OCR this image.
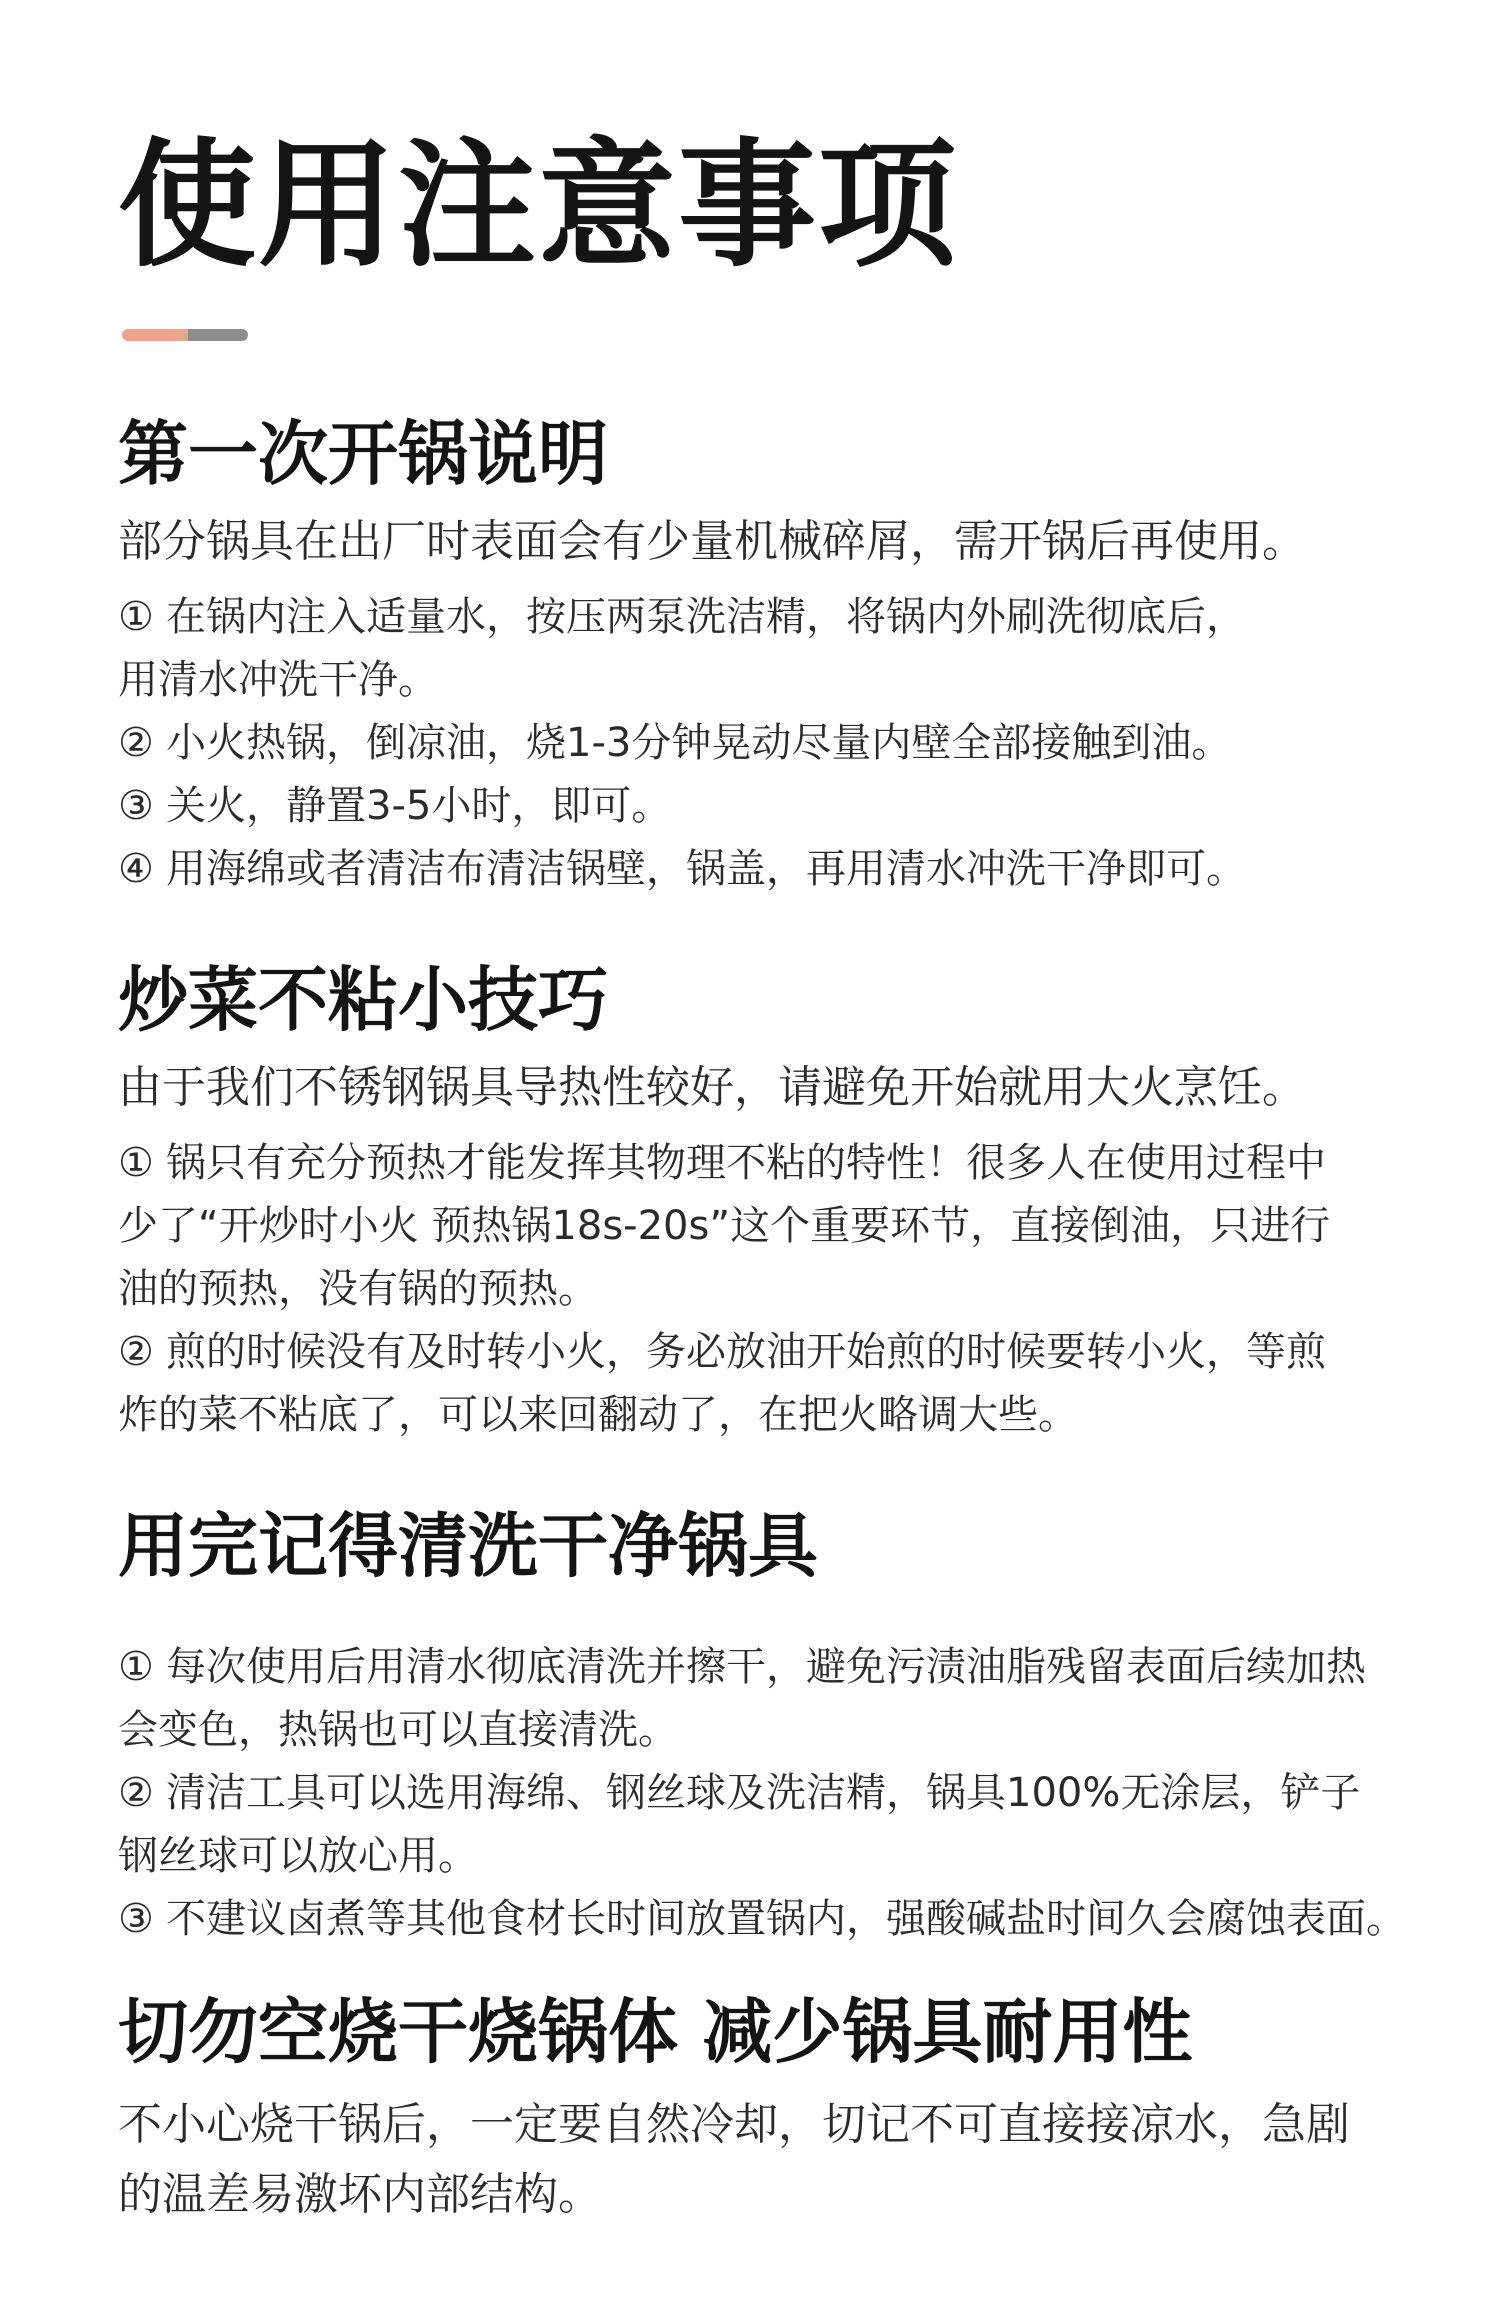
使用注意事项
第一次开锅说明

部分锅具在出厂时表面会有少量机械碎屑，需开锅后再使用。

① 在锅内注入适量水，按压两泵洗洁精，将锅内外刷洗彻底后，
用清水冲洗干净。
② 小火热锅，倒凉油，烧1-3分钟晃动尽量内壁全部接触到油。
③ 关火，静置3-5小时，即可。
④ 用海绵或者清洁布清洁锅壁，锅盖，再用清水冲洗干净即可。
炒菜不粘小技巧

由于我们不锈钢锅具导热性较好，请避免开始就用大火烹饪。

① 锅只有充分预热才能发挥其物理不粘的特性！很多人在使用过程中
少了“开炒时小火 预热锅18s-20s”这个重要环节，直接倒油，只进行
油的预热，没有锅的预热。
② 煎的时候没有及时转小火，务必放油开始煎的时候要转小火，等煎
炸的菜不粘底了，可以来回翻动了，在把火略调大些。
用完记得清洗干净锅具
① 每次使用后用清水彻底清洗并擦干，避免污渍油脂残留表面后续加热
会变色，热锅也可以直接清洗。
② 清洁工具可以选用海绵、钢丝球及洗洁精，锅具100%无涂层，铲子
钢丝球可以放心用。
③ 不建议卤煮等其他食材长时间放置锅内，强酸碱盐时间久会腐蚀表面。
切勿空烧干烧锅体 减少锅具耐用性

不小心烧干锅后，一定要自然冷却，切记不可直接接凉水，急剧
的温差易激坏内部结构。
